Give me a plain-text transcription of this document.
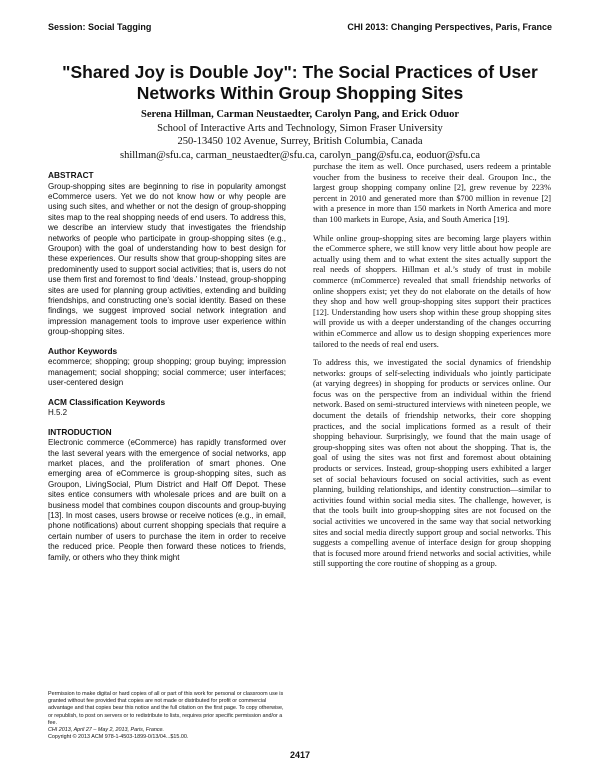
Session: Social Tagging	CHI 2013: Changing Perspectives, Paris, France
"Shared Joy is Double Joy": The Social Practices of User Networks Within Group Shopping Sites
Serena Hillman, Carman Neustaedter, Carolyn Pang, and Erick Oduor
School of Interactive Arts and Technology, Simon Fraser University
250-13450 102 Avenue, Surrey, British Columbia, Canada
shillman@sfu.ca, carman_neustaedter@sfu.ca, carolyn_pang@sfu.ca, eoduor@sfu.ca
ABSTRACT

Group-shopping sites are beginning to rise in popularity amongst eCommerce users. Yet we do not know how or why people are using such sites, and whether or not the design of group-shopping sites map to the real shopping needs of end users. To address this, we describe an interview study that investigates the friendship networks of people who participate in group-shopping sites (e.g., Groupon) with the goal of understanding how to best design for these experiences. Our results show that group-shopping sites are predominently used to support social activities; that is, users do not use them first and foremost to find ‘deals.’ Instead, group-shopping sites are used for planning group activities, extending and building friendships, and constructing one’s social identity. Based on these findings, we suggest improved social network integration and impression management tools to improve user experience within group-shopping sites.

Author Keywords

ecommerce; shopping; group shopping; group buying; impression management; social shopping; social commerce; user interfaces; user-centered design

ACM Classification Keywords

H.5.2

INTRODUCTION

Electronic commerce (eCommerce) has rapidly transformed over the last several years with the emergence of social networks, app market places, and the proliferation of smart phones. One emerging area of eCommerce is group-shopping sites, such as Groupon, LivingSocial, Plum District and Half Off Depot. These sites entice consumers with wholesale prices and are built on a business model that combines coupon discounts and group-buying [13]. In most cases, users browse or receive notices (e.g., in email, phone notifications) about current shopping specials that require a certain number of users to purchase the item in order to receive the reduced price. People then forward these notices to friends, family, or others who they think might

Permission to make digital or hard copies of all or part of this work for personal or classroom use is granted without fee provided that copies are not made or distributed for profit or commercial advantage and that copies bear this notice and the full citation on the first page. To copy otherwise, or republish, to post on servers or to redistribute to lists, requires prior specific permission and/or a fee.

CHI 2013, April 27 – May 2, 2013, Paris, France.

Copyright © 2013 ACM 978-1-4503-1899-0/13/04...$15.00.

purchase the item as well. Once purchased, users redeem a printable voucher from the business to receive their deal. Groupon Inc., the largest group shopping company online [2], grew revenue by 223% percent in 2010 and generated more than $700 million in revenue [2] with a presence in more than 150 markets in North America and more than 100 markets in Europe, Asia, and South America [19].

While online group-shopping sites are becoming large players within the eCommerce sphere, we still know very little about how people are actually using them and to what extent the sites actually support the real needs of shoppers. Hillman et al.’s study of trust in mobile commerce (mCommerce) revealed that small friendship networks of online shoppers exist; yet they do not elaborate on the details of how they shop and how well group-shopping sites support their practices [12]. Understanding how users shop within these group shopping sites will provide us with a deeper understanding of the changes occurring within eCommerce and allow us to design shopping experiences more tailored to the needs of real end users.

To address this, we investigated the social dynamics of friendship networks: groups of self-selecting individuals who jointly participate (at varying degrees) in shopping for products or services online. Our focus was on the perspective from an individual within the friend network. Based on semi-structured interviews with nineteen people, we document the details of friendship networks, their core shopping practices, and the social implications formed as a result of their shopping behaviour. Surprisingly, we found that the main usage of group-shopping sites was often not about the shopping. That is, the goal of using the sites was not first and foremost about obtaining products or services. Instead, group-shopping users exhibited a larger set of social behaviours focused on social activities, such as event planning, building relationships, and identity construction—similar to activities found within social media sites. The challenge, however, is that the tools built into group-shopping sites are not focused on the social activities we uncovered in the same way that social networking sites and social media directly support group and social networks. This suggests a compelling avenue of interface design for group shopping that is focused more around friend networks and social activities, while still supporting the core routine of shopping as a group.

2417
